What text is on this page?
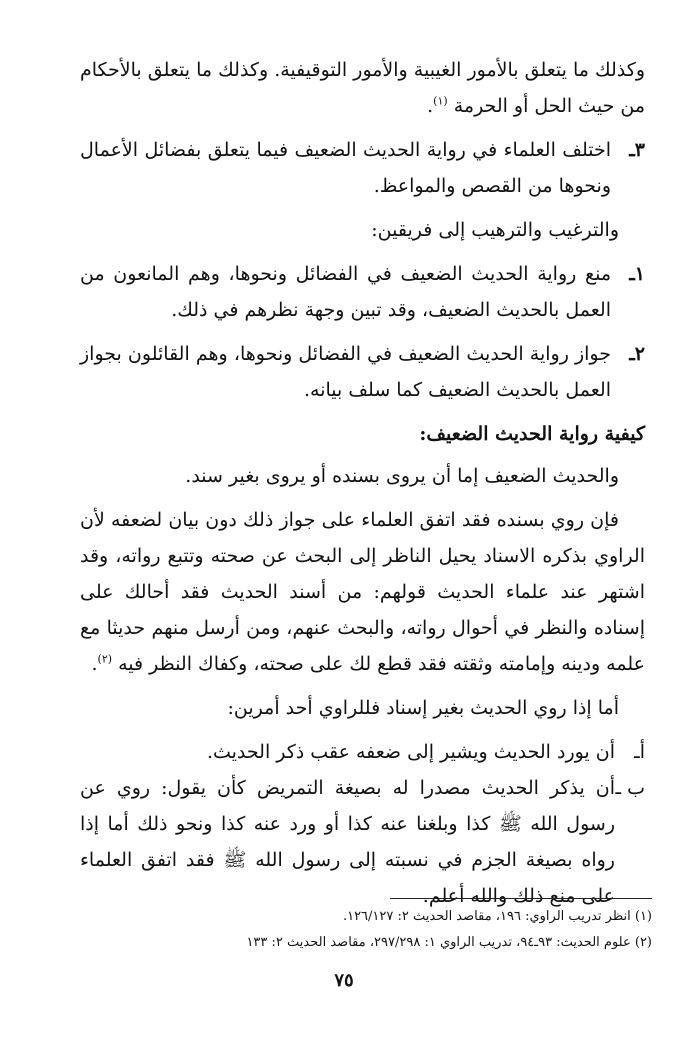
وكذلك ما يتعلق بالأمور الغيبية والأمور التوقيفية. وكذلك ما يتعلق بالأحكام من حيث الحل أو الحرمة $^{(١)}$.

٣ـ
اختلف العلماء في رواية الحديث الضعيف فيما يتعلق بفضائل الأعمال ونحوها من القصص والمواعظ.

والترغيب والترهيب إلى فريقين:

١ـ
منع رواية الحديث الضعيف في الفضائل ونحوها، وهم المانعون من العمل بالحديث الضعيف، وقد تبين وجهة نظرهم في ذلك.
٢ـ
جواز رواية الحديث الضعيف في الفضائل ونحوها، وهم القائلون بجواز العمل بالحديث الضعيف كما سلف بيانه.

كيفية رواية الحديث الضعيف:

والحديث الضعيف إما أن يروى بسنده أو يروى بغير سند.

فإن روي بسنده فقد اتفق العلماء على جواز ذلك دون بيان لضعفه لأن الراوي بذكره الاسناد يحيل الناظر إلى البحث عن صحته وتتبع رواته، وقد اشتهر عند علماء الحديث قولهم: من أسند الحديث فقد أحالك على إسناده والنظر في أحوال رواته، والبحث عنهم، ومن أرسل منهم حديثا مع علمه ودينه وإمامته وثقته فقد قطع لك على صحته، وكفاك النظر فيه $^{(٢)}$.

أما إذا روي الحديث بغير إسناد فللراوي أحد أمرين:

أـ
أن يورد الحديث ويشير إلى ضعفه عقب ذكر الحديث.
ب ـ
أن يذكر الحديث مصدرا له بصيغة التمريض كأن يقول: روي عن رسول الله ﷺ كذا وبلغنا عنه كذا أو ورد عنه كذا ونحو ذلك أما إذا رواه بصيغة الجزم في نسبته إلى رسول الله ﷺ فقد اتفق العلماء على منع ذلك والله أعلم.

(١) انظر تدريب الراوي: ١٩٦، مقاصد الحديث ٢: ١٢٦/١٢٧.

(٢) علوم الحديث: ٩٣ـ٩٤، تدريب الراوي ١: ٢٩٧/٢٩٨، مقاصد الحديث ٢: ١٣٣

٧٥
